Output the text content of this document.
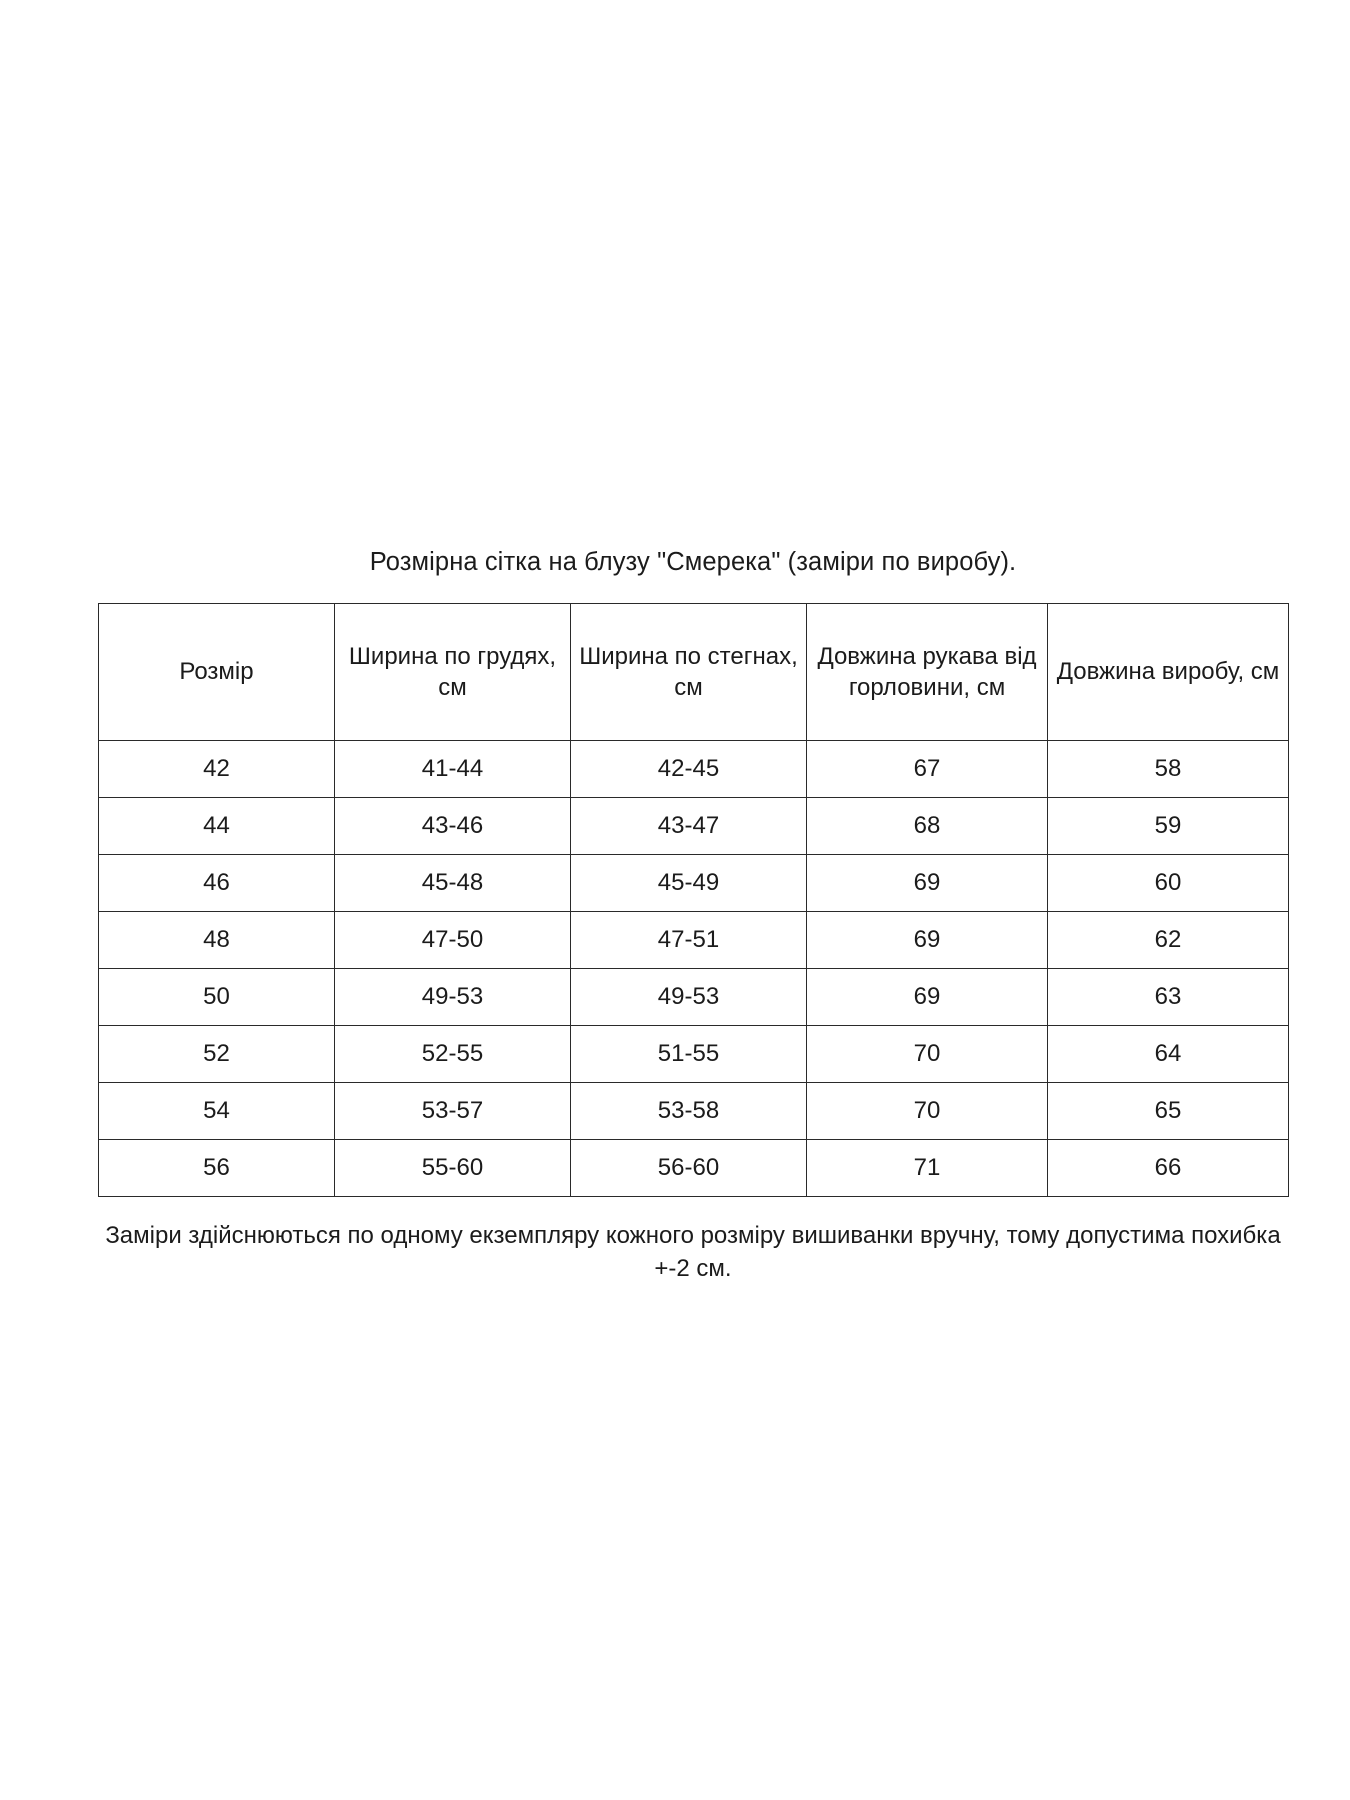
Розмірна сітка на блузу "Смерека" (заміри по виробу).

Розмір	Ширина по грудях, см	Ширина по стегнах, см	Довжина рукава від горловини, см	Довжина виробу, см
42	41-44	42-45	67	58
44	43-46	43-47	68	59
46	45-48	45-49	69	60
48	47-50	47-51	69	62
50	49-53	49-53	69	63
52	52-55	51-55	70	64
54	53-57	53-58	70	65
56	55-60	56-60	71	66

Заміри здійснюються по одному екземпляру кожного розміру вишиванки вручну, тому допустима похибка +-2 см.
